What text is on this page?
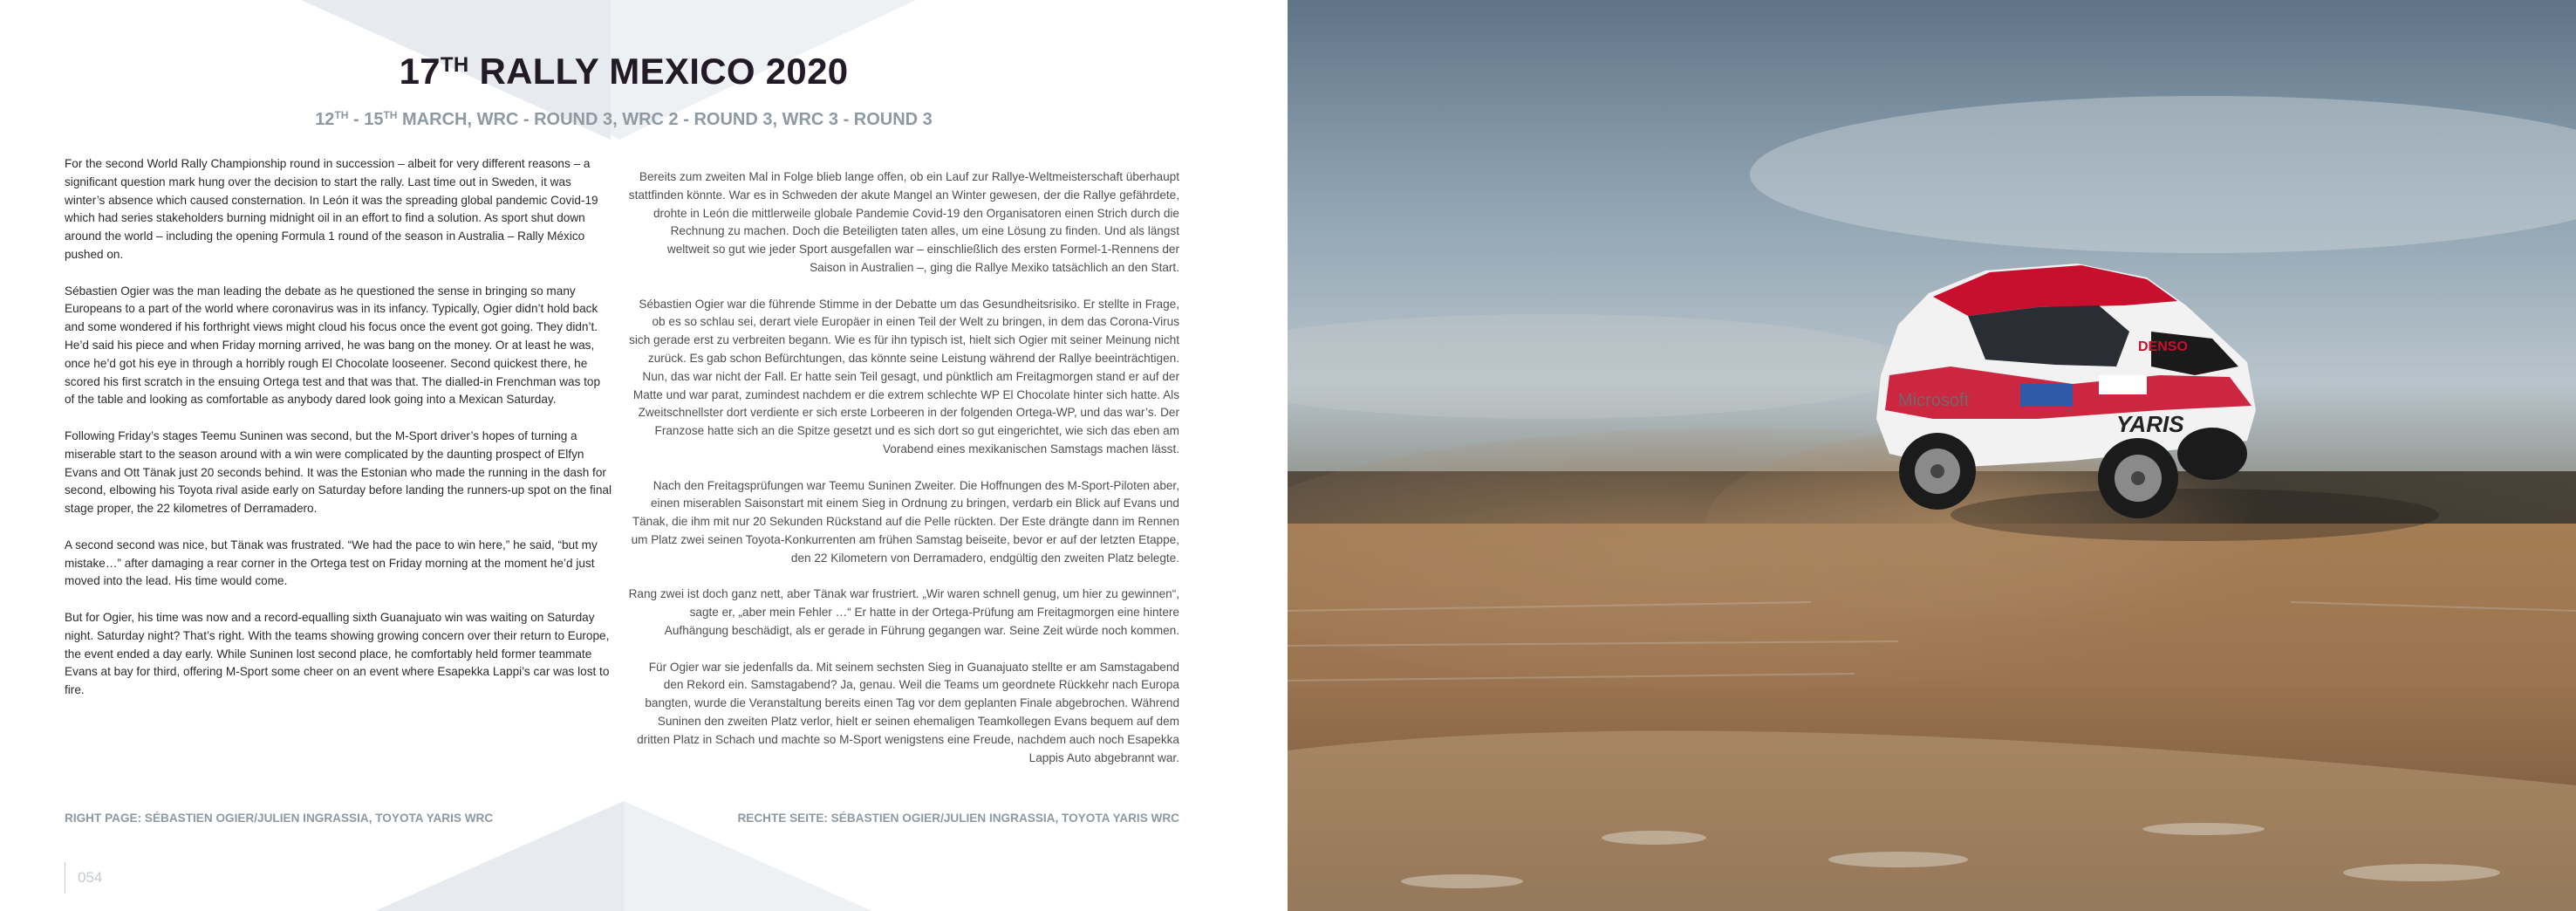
17TH RALLY MEXICO 2020
12TH - 15TH MARCH, WRC - ROUND 3, WRC 2 - ROUND 3, WRC 3 - ROUND 3

For the second World Rally Championship round in succession – albeit for very different reasons – a significant question mark hung over the decision to start the rally. Last time out in Sweden, it was winter’s absence which caused consternation. In León it was the spreading global pandemic Covid-19 which had series stakeholders burning midnight oil in an effort to find a solution. As sport shut down around the world – including the opening Formula 1 round of the season in Australia – Rally México pushed on.

Sébastien Ogier was the man leading the debate as he questioned the sense in bringing so many Europeans to a part of the world where coronavirus was in its infancy. Typically, Ogier didn’t hold back and some wondered if his forthright views might cloud his focus once the event got going. They didn’t. He’d said his piece and when Friday morning arrived, he was bang on the money. Or at least he was, once he’d got his eye in through a horribly rough El Chocolate looseener. Second quickest there, he scored his first scratch in the ensuing Ortega test and that was that. The dialled-in Frenchman was top of the table and looking as comfortable as anybody dared look going into a Mexican Saturday.

Following Friday’s stages Teemu Suninen was second, but the M-Sport driver’s hopes of turning a miserable start to the season around with a win were complicated by the daunting prospect of Elfyn Evans and Ott Tänak just 20 seconds behind. It was the Estonian who made the running in the dash for second, elbowing his Toyota rival aside early on Saturday before landing the runners-up spot on the final stage proper, the 22 kilometres of Derramadero.

A second second was nice, but Tänak was frustrated. “We had the pace to win here,” he said, “but my mistake…” after damaging a rear corner in the Ortega test on Friday morning at the moment he’d just moved into the lead. His time would come.

But for Ogier, his time was now and a record-equalling sixth Guanajuato win was waiting on Saturday night. Saturday night? That’s right. With the teams showing growing concern over their return to Europe, the event ended a day early. While Suninen lost second place, he comfortably held former teammate Evans at bay for third, offering M-Sport some cheer on an event where Esapekka Lappi’s car was lost to fire.

Bereits zum zweiten Mal in Folge blieb lange offen, ob ein Lauf zur Rallye-Weltmeisterschaft überhaupt stattfinden könnte. War es in Schweden der akute Mangel an Winter gewesen, der die Rallye gefährdete, drohte in León die mittlerweile globale Pandemie Covid-19 den Organisatoren einen Strich durch die Rechnung zu machen. Doch die Beteiligten taten alles, um eine Lösung zu finden. Und als längst weltweit so gut wie jeder Sport ausgefallen war – einschließlich des ersten Formel-1-Rennens der Saison in Australien –, ging die Rallye Mexiko tatsächlich an den Start.

Sébastien Ogier war die führende Stimme in der Debatte um das Gesundheitsrisiko. Er stellte in Frage, ob es so schlau sei, derart viele Europäer in einen Teil der Welt zu bringen, in dem das Corona-Virus sich gerade erst zu verbreiten begann. Wie es für ihn typisch ist, hielt sich Ogier mit seiner Meinung nicht zurück. Es gab schon Befürchtungen, das könnte seine Leistung während der Rallye beeinträchtigen. Nun, das war nicht der Fall. Er hatte sein Teil gesagt, und pünktlich am Freitagmorgen stand er auf der Matte und war parat, zumindest nachdem er die extrem schlechte WP El Chocolate hinter sich hatte. Als Zweitschnellster dort verdiente er sich erste Lorbeeren in der folgenden Ortega-WP, und das war’s. Der Franzose hatte sich an die Spitze gesetzt und es sich dort so gut eingerichtet, wie sich das eben am Vorabend eines mexikanischen Samstags machen lässt.

Nach den Freitagsprüfungen war Teemu Suninen Zweiter. Die Hoffnungen des M-Sport-Piloten aber, einen miserablen Saisonstart mit einem Sieg in Ordnung zu bringen, verdarb ein Blick auf Evans und Tänak, die ihm mit nur 20 Sekunden Rückstand auf die Pelle rückten. Der Este drängte dann im Rennen um Platz zwei seinen Toyota-Konkurrenten am frühen Samstag beiseite, bevor er auf der letzten Etappe, den 22 Kilometern von Derramadero, endgültig den zweiten Platz belegte.

Rang zwei ist doch ganz nett, aber Tänak war frustriert. „Wir waren schnell genug, um hier zu gewinnen“, sagte er, „aber mein Fehler …“ Er hatte in der Ortega-Prüfung am Freitagmorgen eine hintere Aufhängung beschädigt, als er gerade in Führung gegangen war. Seine Zeit würde noch kommen.

Für Ogier war sie jedenfalls da. Mit seinem sechsten Sieg in Guanajuato stellte er am Samstagabend den Rekord ein. Samstagabend? Ja, genau. Weil die Teams um geordnete Rückkehr nach Europa bangten, wurde die Veranstaltung bereits einen Tag vor dem geplanten Finale abgebrochen. Während Suninen den zweiten Platz verlor, hielt er seinen ehemaligen Teamkollegen Evans bequem auf dem dritten Platz in Schach und machte so M-Sport wenigstens eine Freude, nachdem auch noch Esapekka Lappis Auto abgebrannt war.

RIGHT PAGE: SÉBASTIEN OGIER/JULIEN INGRASSIA, TOYOTA YARIS WRC	RECHTE SEITE: SÉBASTIEN OGIER/JULIEN INGRASSIA, TOYOTA YARIS WRC

054
Microsoft
YARIS
DENSO
